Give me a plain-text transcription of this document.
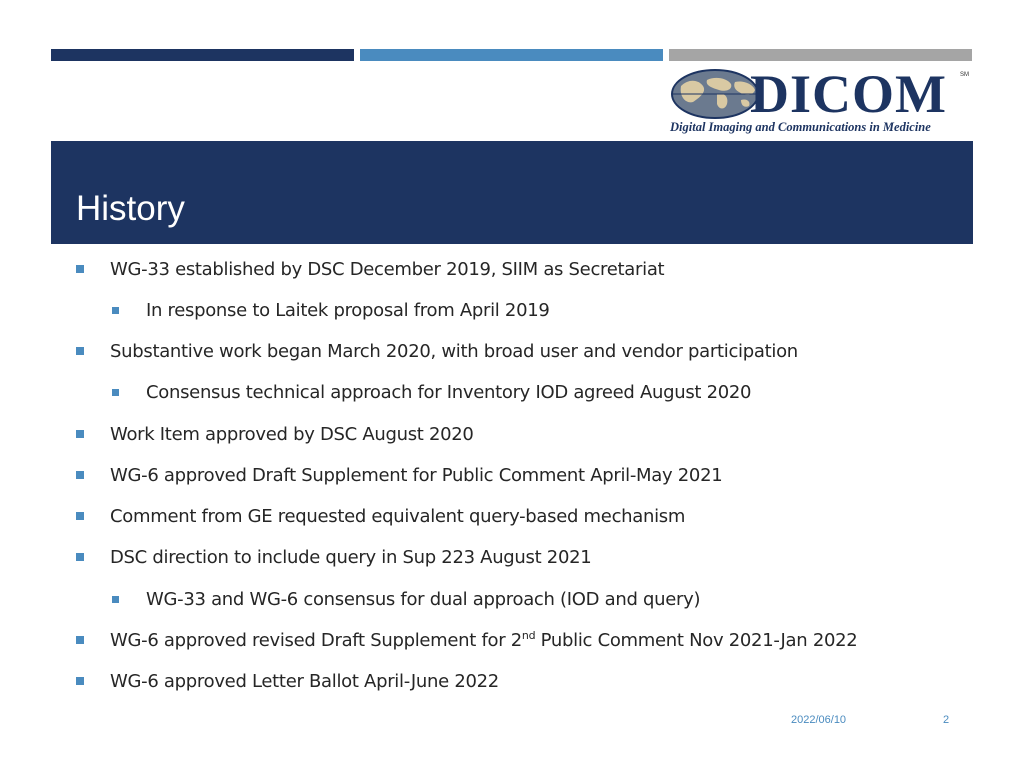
DICOM SM
Digital Imaging and Communications in Medicine
History
WG-33 established by DSC December 2019, SIIM as Secretariat
In response to Laitek proposal from April 2019
Substantive work began March 2020, with broad user and vendor participation
Consensus technical approach for Inventory IOD agreed August 2020
Work Item approved by DSC August 2020
WG-6 approved Draft Supplement for Public Comment April-May 2021
Comment from GE requested equivalent query-based mechanism
DSC direction to include query in Sup 223 August 2021
WG-33 and WG-6 consensus for dual approach (IOD and query)
WG-6 approved revised Draft Supplement for 2nd Public Comment Nov 2021-Jan 2022
WG-6 approved Letter Ballot April-June 2022
2022/06/10	2
